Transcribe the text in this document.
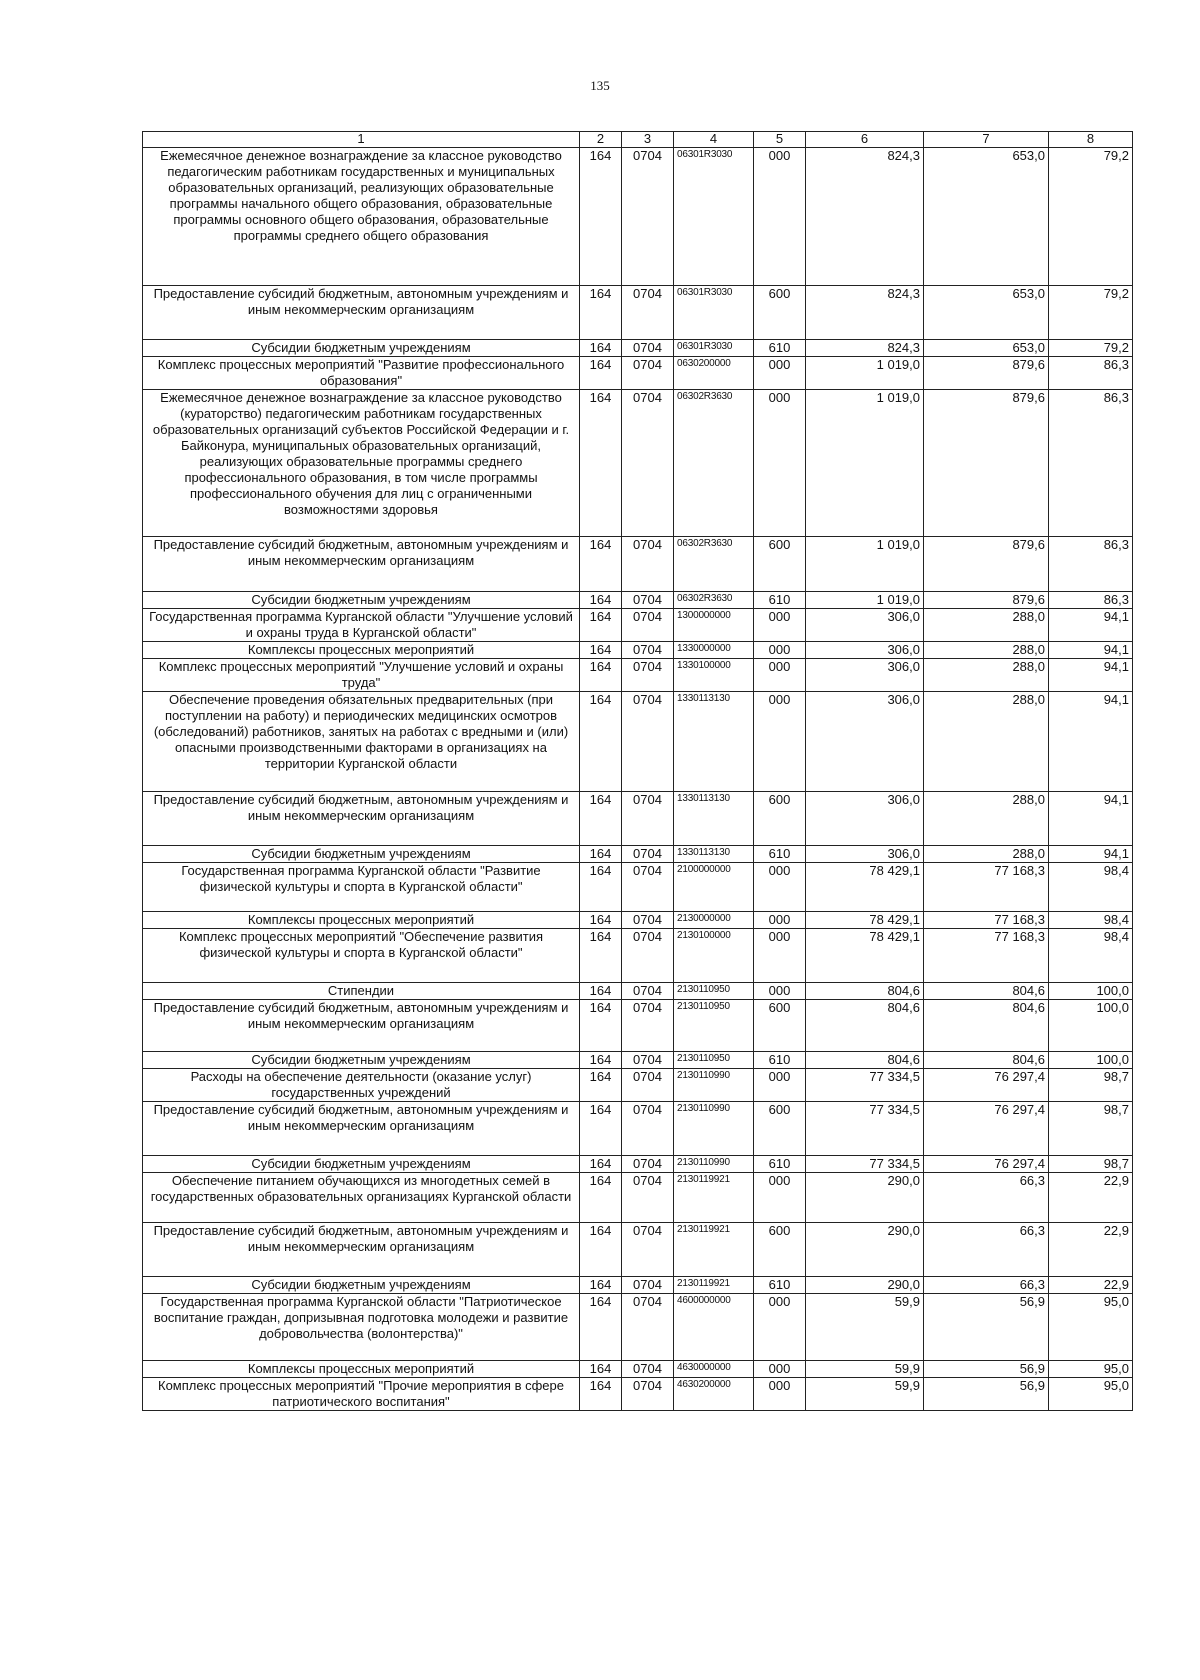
135
1	2	3	4	5	6	7	8
Ежемесячное денежное вознаграждение за классное руководство педагогическим работникам государственных и муниципальных образовательных организаций, реализующих образовательные программы начального общего образования, образовательные программы основного общего образования, образовательные программы среднего общего образования	164	0704	06301R3030	000	824,3	653,0	79,2
Предоставление субсидий бюджетным, автономным учреждениям и иным некоммерческим организациям	164	0704	06301R3030	600	824,3	653,0	79,2
Субсидии бюджетным учреждениям	164	0704	06301R3030	610	824,3	653,0	79,2
Комплекс процессных мероприятий "Развитие профессионального образования"	164	0704	0630200000	000	1 019,0	879,6	86,3
Ежемесячное денежное вознаграждение за классное руководство (кураторство) педагогическим работникам государственных образовательных организаций субъектов Российской Федерации и г. Байконура, муниципальных образовательных организаций, реализующих образовательные программы среднего профессионального образования, в том числе программы профессионального обучения для лиц с ограниченными возможностями здоровья	164	0704	06302R3630	000	1 019,0	879,6	86,3
Предоставление субсидий бюджетным, автономным учреждениям и иным некоммерческим организациям	164	0704	06302R3630	600	1 019,0	879,6	86,3
Субсидии бюджетным учреждениям	164	0704	06302R3630	610	1 019,0	879,6	86,3
Государственная программа Курганской области "Улучшение условий и охраны труда в Курганской области"	164	0704	1300000000	000	306,0	288,0	94,1
Комплексы процессных мероприятий	164	0704	1330000000	000	306,0	288,0	94,1
Комплекс процессных мероприятий "Улучшение условий и охраны труда"	164	0704	1330100000	000	306,0	288,0	94,1
Обеспечение проведения обязательных предварительных (при поступлении на работу) и периодических медицинских осмотров (обследований) работников, занятых на работах с вредными и (или) опасными производственными факторами в организациях на территории Курганской области	164	0704	1330113130	000	306,0	288,0	94,1
Предоставление субсидий бюджетным, автономным учреждениям и иным некоммерческим организациям	164	0704	1330113130	600	306,0	288,0	94,1
Субсидии бюджетным учреждениям	164	0704	1330113130	610	306,0	288,0	94,1
Государственная программа Курганской области "Развитие физической культуры и спорта в Курганской области"	164	0704	2100000000	000	78 429,1	77 168,3	98,4
Комплексы процессных мероприятий	164	0704	2130000000	000	78 429,1	77 168,3	98,4
Комплекс процессных мероприятий "Обеспечение развития физической культуры и спорта в Курганской области"	164	0704	2130100000	000	78 429,1	77 168,3	98,4
Стипендии	164	0704	2130110950	000	804,6	804,6	100,0
Предоставление субсидий бюджетным, автономным учреждениям и иным некоммерческим организациям	164	0704	2130110950	600	804,6	804,6	100,0
Субсидии бюджетным учреждениям	164	0704	2130110950	610	804,6	804,6	100,0
Расходы на обеспечение деятельности (оказание услуг) государственных учреждений	164	0704	2130110990	000	77 334,5	76 297,4	98,7
Предоставление субсидий бюджетным, автономным учреждениям и иным некоммерческим организациям	164	0704	2130110990	600	77 334,5	76 297,4	98,7
Субсидии бюджетным учреждениям	164	0704	2130110990	610	77 334,5	76 297,4	98,7
Обеспечение питанием обучающихся из многодетных семей в государственных образовательных организациях Курганской области	164	0704	2130119921	000	290,0	66,3	22,9
Предоставление субсидий бюджетным, автономным учреждениям и иным некоммерческим организациям	164	0704	2130119921	600	290,0	66,3	22,9
Субсидии бюджетным учреждениям	164	0704	2130119921	610	290,0	66,3	22,9
Государственная программа Курганской области "Патриотическое воспитание граждан, допризывная подготовка молодежи и развитие добровольчества (волонтерства)"	164	0704	4600000000	000	59,9	56,9	95,0
Комплексы процессных мероприятий	164	0704	4630000000	000	59,9	56,9	95,0
Комплекс процессных мероприятий "Прочие мероприятия в сфере патриотического воспитания"	164	0704	4630200000	000	59,9	56,9	95,0
